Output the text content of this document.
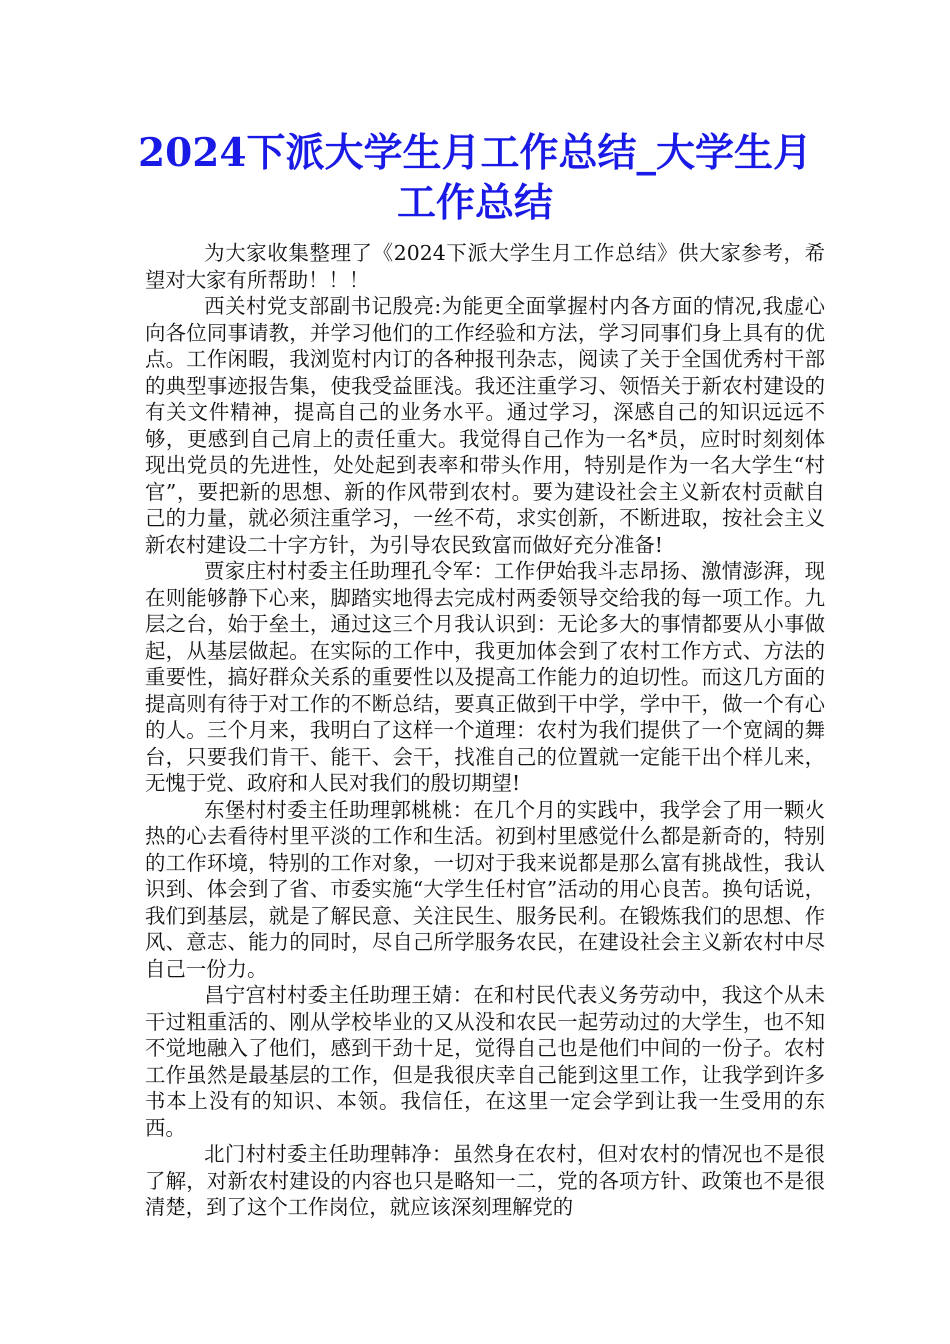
2024下派大学生月工作总结_大学生月工作总结

为大家收集整理了《2024下派大学生月工作总结》供大家参考，希望对大家有所帮助！！！

西关村党支部副书记殷亮:为能更全面掌握村内各方面的情况,我虚心向各位同事请教，并学习他们的工作经验和方法，学习同事们身上具有的优点。工作闲暇，我浏览村内订的各种报刊杂志，阅读了关于全国优秀村干部的典型事迹报告集，使我受益匪浅。我还注重学习、领悟关于新农村建设的有关文件精神，提高自己的业务水平。通过学习，深感自己的知识远远不够，更感到自己肩上的责任重大。我觉得自己作为一名*员，应时时刻刻体现出党员的先进性，处处起到表率和带头作用，特别是作为一名大学生“村官”，要把新的思想、新的作风带到农村。要为建设社会主义新农村贡献自己的力量，就必须注重学习，一丝不苟，求实创新，不断进取，按社会主义新农村建设二十字方针，为引导农民致富而做好充分准备!

贾家庄村村委主任助理孔令军：工作伊始我斗志昂扬、激情澎湃，现在则能够静下心来，脚踏实地得去完成村两委领导交给我的每一项工作。九层之台，始于垒土，通过这三个月我认识到：无论多大的事情都要从小事做起，从基层做起。在实际的工作中，我更加体会到了农村工作方式、方法的重要性，搞好群众关系的重要性以及提高工作能力的迫切性。而这几方面的提高则有待于对工作的不断总结，要真正做到干中学，学中干，做一个有心的人。三个月来，我明白了这样一个道理：农村为我们提供了一个宽阔的舞台，只要我们肯干、能干、会干，找准自己的位置就一定能干出个样儿来，无愧于党、政府和人民对我们的殷切期望!

东堡村村委主任助理郭桃桃：在几个月的实践中，我学会了用一颗火热的心去看待村里平淡的工作和生活。初到村里感觉什么都是新奇的，特别的工作环境，特别的工作对象，一切对于我来说都是那么富有挑战性，我认识到、体会到了省、市委实施“大学生任村官”活动的用心良苦。换句话说，我们到基层，就是了解民意、关注民生、服务民利。在锻炼我们的思想、作风、意志、能力的同时，尽自己所学服务农民，在建设社会主义新农村中尽自己一份力。

昌宁宫村村委主任助理王婧：在和村民代表义务劳动中，我这个从未干过粗重活的、刚从学校毕业的又从没和农民一起劳动过的大学生，也不知不觉地融入了他们，感到干劲十足，觉得自己也是他们中间的一份子。农村工作虽然是最基层的工作，但是我很庆幸自己能到这里工作，让我学到许多书本上没有的知识、本领。我信任，在这里一定会学到让我一生受用的东西。

北门村村委主任助理韩净：虽然身在农村，但对农村的情况也不是很了解，对新农村建设的内容也只是略知一二，党的各项方针、政策也不是很清楚，到了这个工作岗位，就应该深刻理解党的
